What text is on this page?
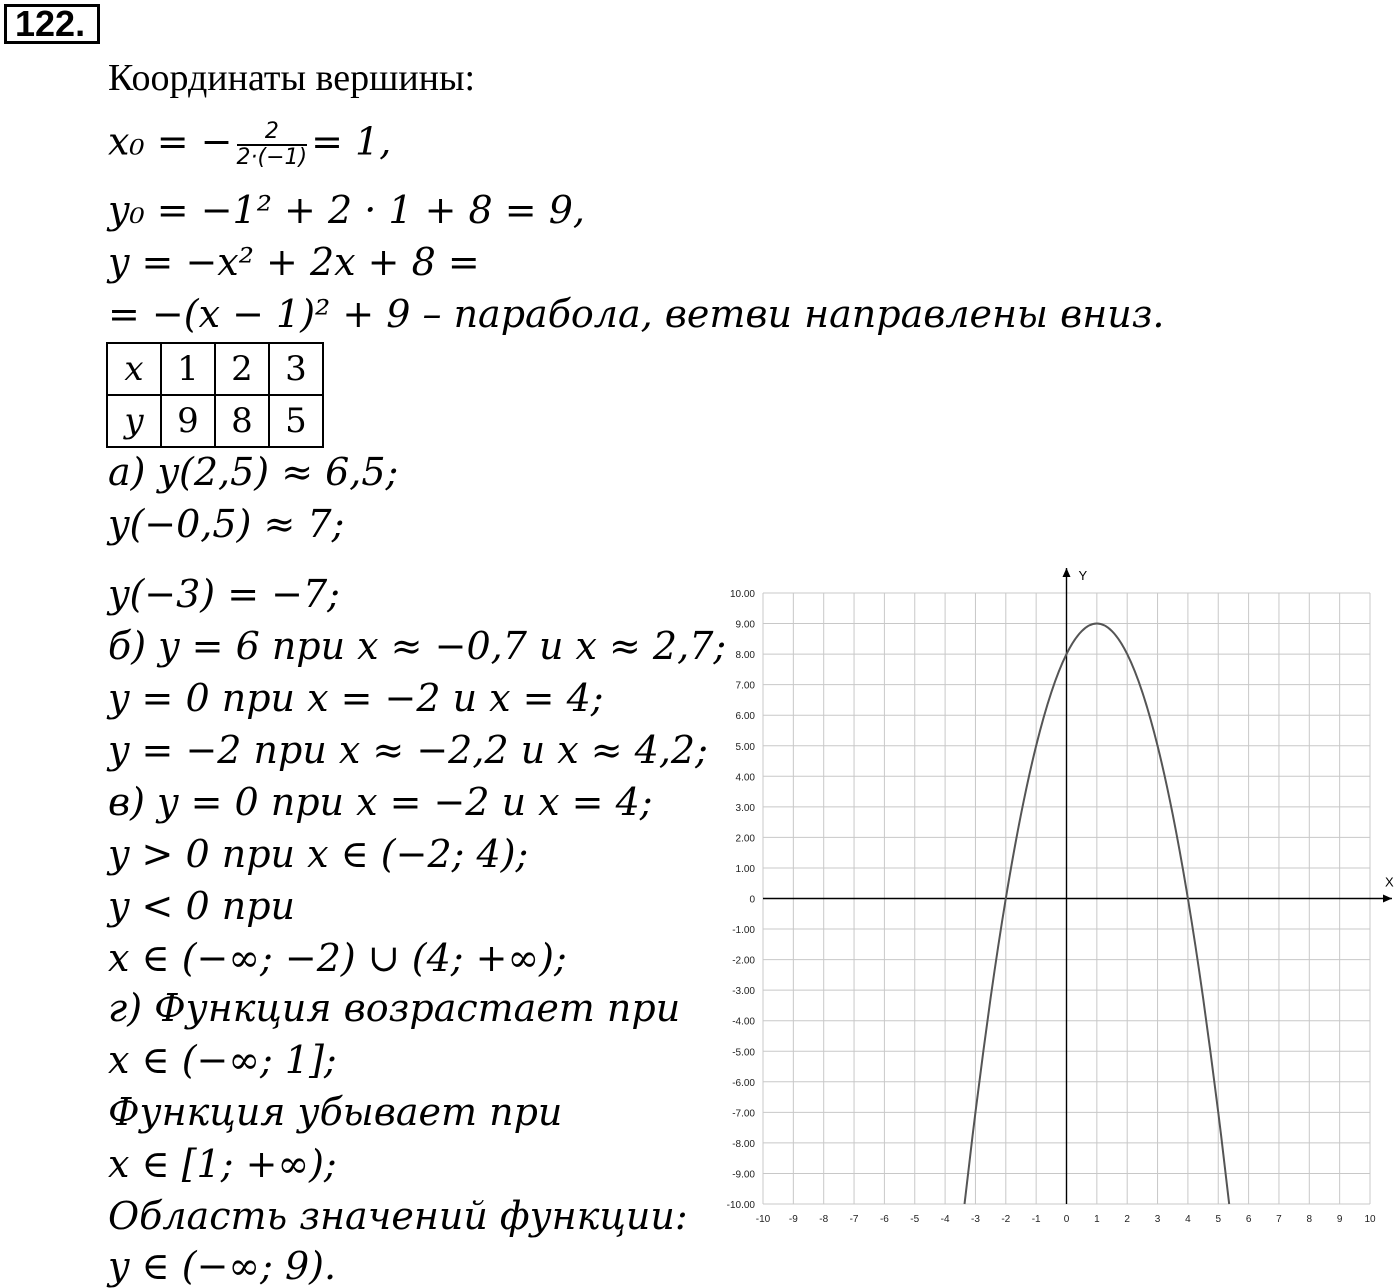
122.
Координаты вершины:
x₀ = − $\frac{2}{2\cdot(-1)} = 1$,
y₀ = −1² + 2 · 1 + 8 = 9,
y = −x² + 2x + 8 =
= −(x − 1)² + 9 – парабола, ветви направлены вниз.
x	1	2	3
y	9	8	5
а) y(2,5) ≈ 6,5;
y(−0,5) ≈ 7;
y(−3) = −7;
б) y = 6 при x ≈ −0,7 и x ≈ 2,7;
y = 0 при x = −2 и x = 4;
y = −2 при x ≈ −2,2 и x ≈ 4,2;
в) y = 0 при x = −2 и x = 4;
y > 0 при x ∈ (−2; 4);
y < 0 при
x ∈ (−∞; −2) ∪ (4; +∞);
г) Функция возрастает при
x ∈ (−∞; 1];
Функция убывает при
x ∈ [1; +∞);
Область значений функции:
y ∈ (−∞; 9).
X
Y
-10 -9 -8 -7 -6 -5 -4 -3 -2 -1 0 1 2 3 4 5 6 7 8 9 10
10.00
9.00
8.00
7.00
6.00
5.00
4.00
3.00
2.00
1.00
0
-1.00
-2.00
-3.00
-4.00
-5.00
-6.00
-7.00
-8.00
-9.00
-10.00
